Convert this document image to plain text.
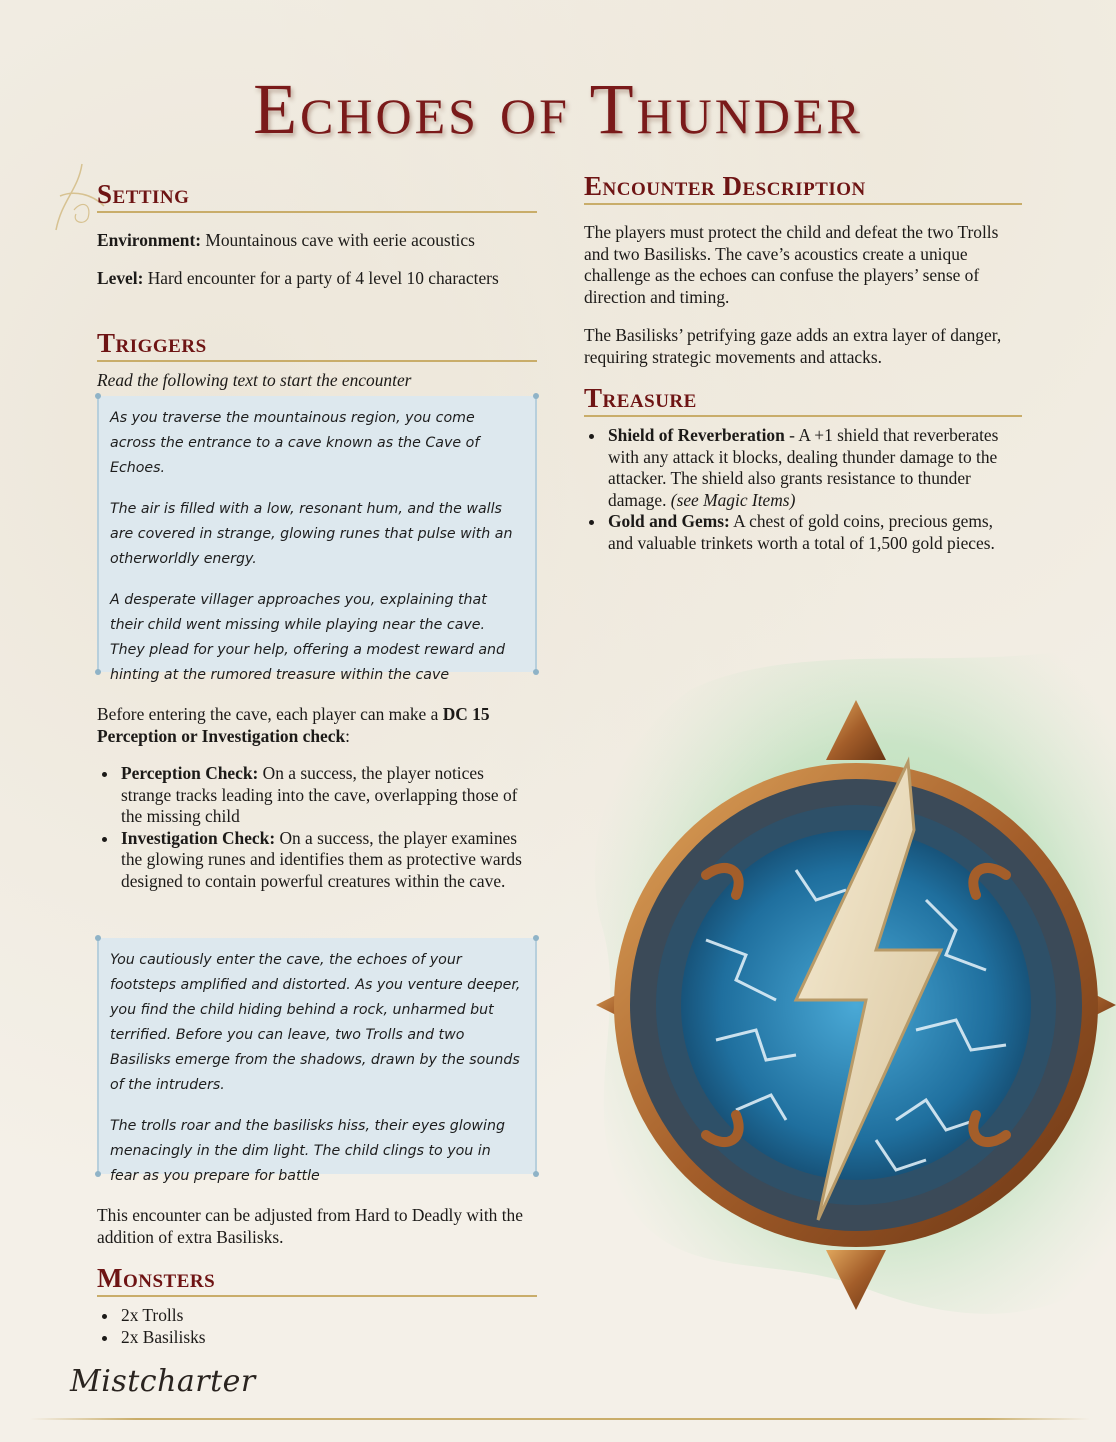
Echoes of Thunder
Setting

Environment: Mountainous cave with eerie acoustics

Level: Hard encounter for a party of 4 level 10 characters

Triggers

Read the following text to start the encounter

As you traverse the mountainous region, you come across the entrance to a cave known as the Cave of Echoes.

The air is filled with a low, resonant hum, and the walls are covered in strange, glowing runes that pulse with an otherworldly energy.

A desperate villager approaches you, explaining that their child went missing while playing near the cave. They plead for your help, offering a modest reward and hinting at the rumored treasure within the cave

Before entering the cave, each player can make a DC 15 Perception or Investigation check:

Perception Check: On a success, the player notices strange tracks leading into the cave, overlapping those of the missing child
Investigation Check: On a success, the player examines the glowing runes and identifies them as protective wards designed to contain powerful creatures within the cave.

You cautiously enter the cave, the echoes of your footsteps amplified and distorted. As you venture deeper, you find the child hiding behind a rock, unharmed but terrified. Before you can leave, two Trolls and two Basilisks emerge from the shadows, drawn by the sounds of the intruders.

The trolls roar and the basilisks hiss, their eyes glowing menacingly in the dim light. The child clings to you in fear as you prepare for battle

This encounter can be adjusted from Hard to Deadly with the addition of extra Basilisks.

Monsters
2x Trolls
2x Basilisks
Encounter Description

The players must protect the child and defeat the two Trolls and two Basilisks. The cave’s acoustics create a unique challenge as the echoes can confuse the players’ sense of direction and timing.

The Basilisks’ petrifying gaze adds an extra layer of danger, requiring strategic movements and attacks.

Treasure
Shield of Reverberation - A +1 shield that reverberates with any attack it blocks, dealing thunder damage to the attacker. The shield also grants resistance to thunder damage. (see Magic Items)
Gold and Gems: A chest of gold coins, precious gems, and valuable trinkets worth a total of 1,500 gold pieces.
Mistcharter
